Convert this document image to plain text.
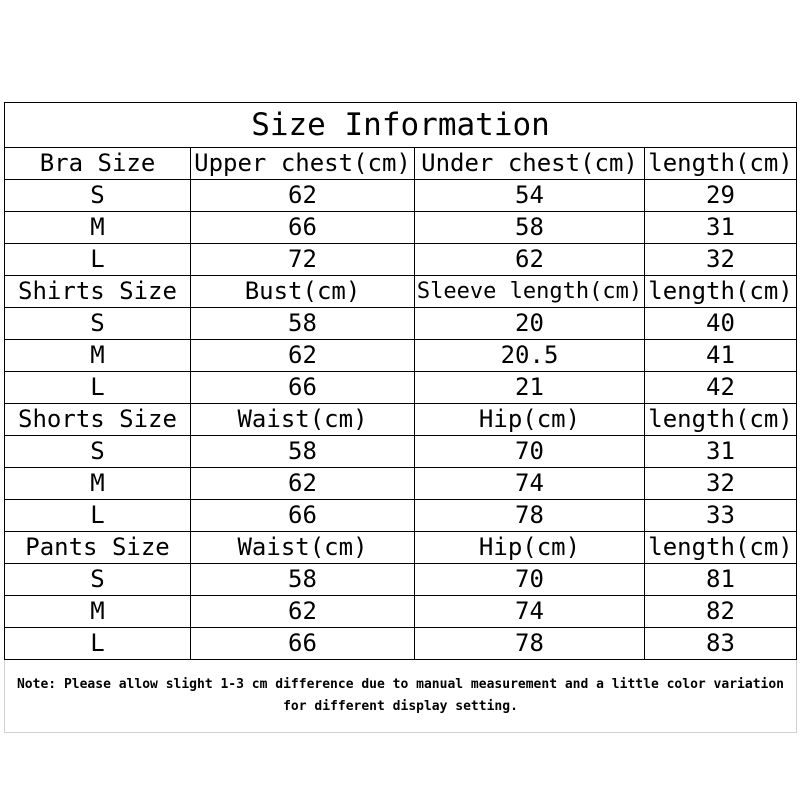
Size Information			
Bra Size	Upper chest(cm)	Under chest(cm)	length(cm)
S	62	54	29
M	66	58	31
L	72	62	32
Shirts Size	Bust(cm)	Sleeve length(cm)	length(cm)
S	58	20	40
M	62	20.5	41
L	66	21	42
Shorts Size	Waist(cm)	Hip(cm)	length(cm)
S	58	70	31
M	62	74	32
L	66	78	33
Pants Size	Waist(cm)	Hip(cm)	length(cm)
S	58	70	81
M	62	74	82
L	66	78	83
Note: Please allow slight 1-3 cm difference due to manual measurement and a little color variation for different display setting.			
